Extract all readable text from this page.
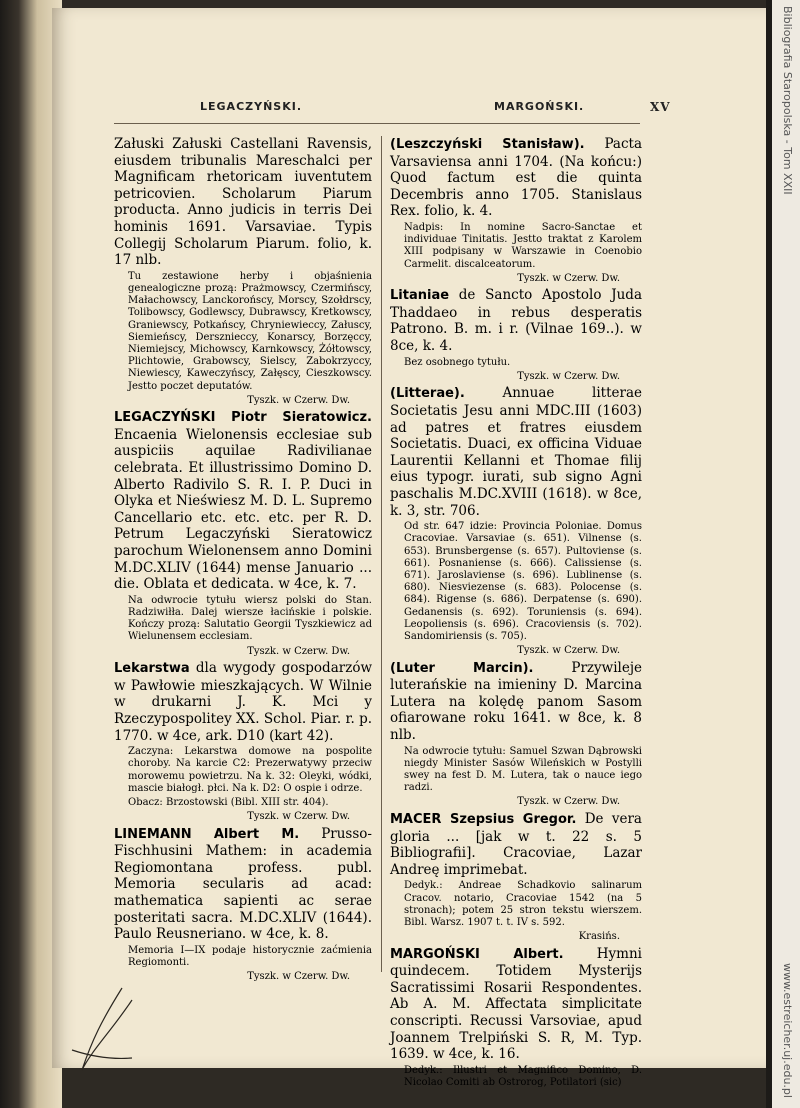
Bibliografia Staropolska - Tom XXII
www.estreicher.uj.edu.pl
LEGACZYŃSKI.	MARGOŃSKI.	XV

Załuski Załuski Castellani Ravensis, eiusdem tribunalis Mareschalci per Magnificam rhetoricam iuventutem petricovien. Scholarum Piarum producta. Anno judicis in terris Dei hominis 1691. Varsaviae. Typis Collegij Scholarum Piarum. folio, k. 17 nlb.

Tu zestawione herby i objaśnienia genealogiczne prozą: Prażmowscy, Czermińscy, Małachowscy, Lanckorońscy, Morscy, Szołdrscy, Tolibowscy, Godlewscy, Dubrawscy, Kretkowscy, Graniewscy, Potkańscy, Chryniewieccy, Załuscy, Siemieńscy, Dersznieccy, Konarscy, Borzęccy, Niemiejscy, Michowscy, Karnkowscy, Żółtowscy, Plichtowie, Grabowscy, Sielscy, Zabokrzyccy, Niewiescy, Kaweczyńscy, Załęscy, Cieszkowscy. Jestto poczet deputatów.

Tyszk. w Czerw. Dw.

LEGACZYŃSKI Piotr Sieratowicz. Encaenia Wielonensis ecclesiae sub auspiciis aquilae Radivilianae celebrata. Et illustrissimo Domino D. Alberto Radivilo S. R. I. P. Duci in Olyka et Nieświesz M. D. L. Supremo Cancellario etc. etc. etc. per R. D. Petrum Legaczyński Sieratowicz parochum Wielonensem anno Domini M.DC.XLIV (1644) mense Januario ... die. Oblata et dedicata. w 4ce, k. 7.

Na odwrocie tytułu wiersz polski do Stan. Radziwiłła. Dalej wiersze łacińskie i polskie. Kończy prozą: Salutatio Georgii Tyszkiewicz ad Wielunensem ecclesiam.

Tyszk. w Czerw. Dw.

Lekarstwa dla wygody gospodarzów w Pawłowie mieszkających. W Wilnie w drukarni J. K. Mci y Rzeczypospolitey XX. Schol. Piar. r. p. 1770. w 4ce, ark. D10 (kart 42).

Zaczyna: Lekarstwa domowe na pospolite choroby. Na karcie C2: Prezerwatywy przeciw morowemu powietrzu. Na k. 32: Oleyki, wódki, mascie białogł. płci. Na k. D2: O ospie i odrze.

Obacz: Brzostowski (Bibl. XIII str. 404).

Tyszk. w Czerw. Dw.

LINEMANN Albert M. Prusso-Fischhusini Mathem: in academia Regiomontana profess. publ. Memoria secularis ad acad: mathematica sapienti ac serae posteritati sacra. M.DC.XLIV (1644). Paulo Reusneriano. w 4ce, k. 8.

Memoria I—IX podaje historycznie zaćmienia Regiomonti.

Tyszk. w Czerw. Dw.

(Leszczyński Stanisław). Pacta Varsaviensa anni 1704. (Na końcu:) Quod factum est die quinta Decembris anno 1705. Stanislaus Rex. folio, k. 4.

Nadpis: In nomine Sacro-Sanctae et individuae Tinitatis. Jestto traktat z Karolem XIII podpisany w Warszawie in Coenobio Carmelit. discalceatorum.

Tyszk. w Czerw. Dw.

Litaniae de Sancto Apostolo Juda Thaddaeo in rebus desperatis Patrono. B. m. i r. (Vilnae 169..). w 8ce, k. 4.

Bez osobnego tytułu.

Tyszk. w Czerw. Dw.

(Litterae).	Annuae litterae Societatis Jesu anni MDC.III (1603) ad patres et fratres eiusdem Societatis. Duaci, ex officina Viduae Laurentii Kellanni et Thomae filij eius typogr. iurati, sub signo Agni paschalis M.DC.XVIII (1618). w 8ce, k. 3, str. 706.

Od str. 647 idzie: Provincia Poloniae. Domus Cracoviae. Varsaviae (s. 651). Vilnense (s. 653). Brunsbergense (s. 657). Pultoviense (s. 661). Posnaniense (s. 666). Calissiense (s. 671). Jaroslaviense (s. 696). Lublinense (s. 680). Niesviezense (s. 683). Polocense (s. 684). Rigense (s. 686). Derpatense (s. 690). Gedanensis (s. 692). Toruniensis (s. 694). Leopoliensis (s. 696). Cracoviensis (s. 702). Sandomiriensis (s. 705).

Tyszk. w Czerw. Dw.

(Luter Marcin).	Przywileje luterańskie na imieniny D. Marcina Lutera na kolędę panom Sasom ofiarowane roku 1641. w 8ce, k. 8 nlb.

Na odwrocie tytułu: Samuel Szwan Dąbrowski niegdy Minister Sasów Wileńskich w Postylli swey na fest D. M. Lutera, tak o nauce iego radzi.

Tyszk. w Czerw. Dw.

MACER Szepsius Gregor. De vera gloria ... [jak w t. 22 s. 5 Bibliografii]. Cracoviae, Lazar Andreę imprimebat.

Dedyk.: Andreae Schadkovio salinarum Cracov. notario, Cracoviae 1542 (na 5 stronach); potem 25 stron tekstu wierszem. Bibl. Warsz. 1907 t. t. IV s. 592.

Krasińs.

MARGOŃSKI Albert. Hymni quindecem. Totidem Mysterijs Sacratissimi Rosarii Respondentes. Ab A. M. Affectata simplicitate conscripti. Recussi Varsoviae, apud Joannem Trelpiński S. R, M. Typ. 1639. w 4ce, k. 16.

Dedyk.: Illustri et Magnifico Domino, D. Nicolao Comiti ab Ostrorog, Potilatori (sic)
